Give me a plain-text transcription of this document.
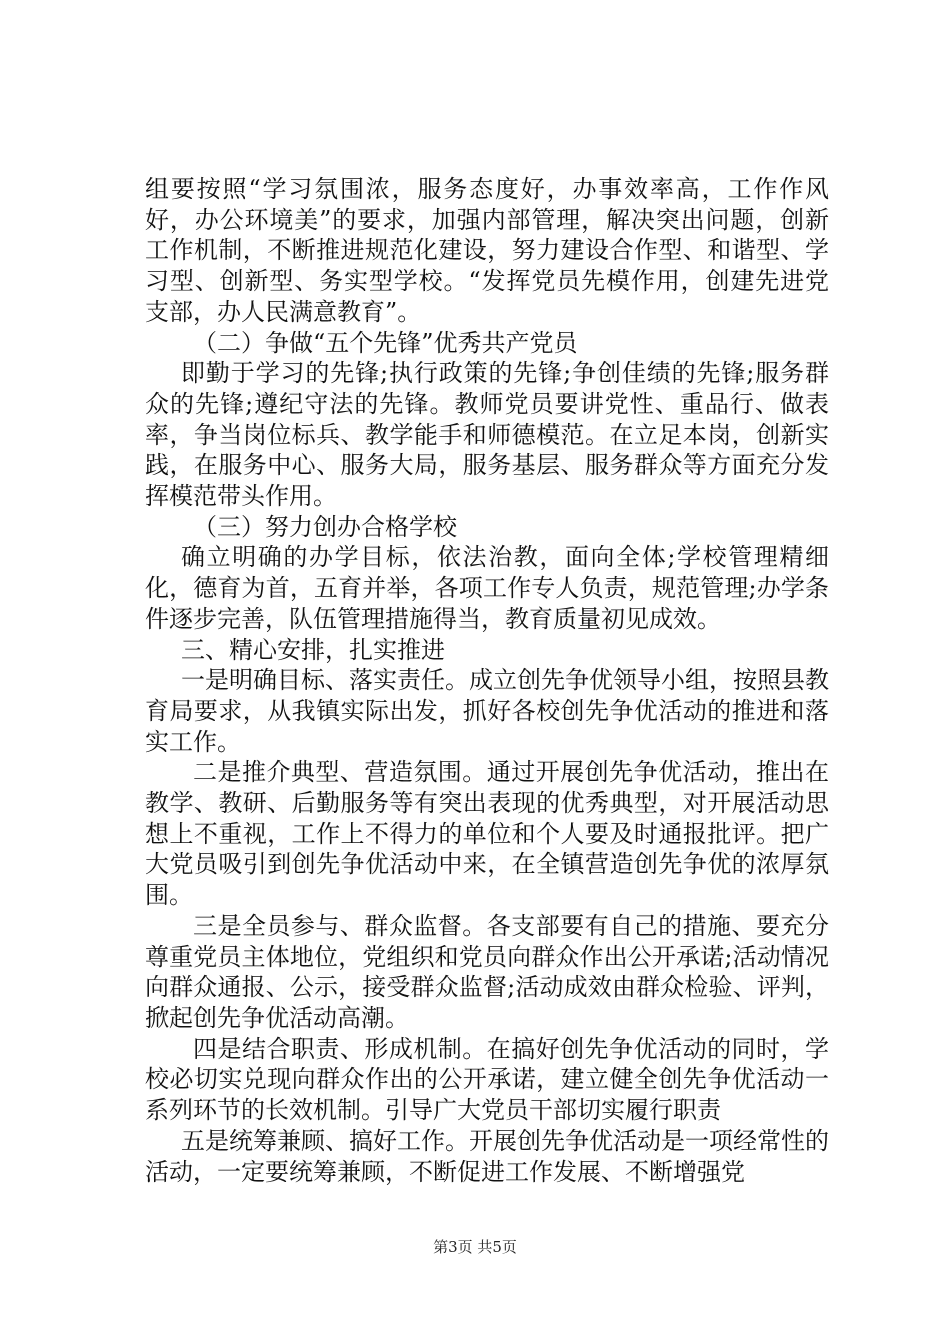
组要按照“学习氛围浓，服务态度好，办事效率高，工作作风好，办公环境美”的要求，加强内部管理，解决突出问题，创新工作机制，不断推进规范化建设，努力建设合作型、和谐型、学习型、创新型、务实型学校。“发挥党员先模作用，创建先进党支部，办人民满意教育”。

（二）争做“五个先锋”优秀共产党员

即勤于学习的先锋;执行政策的先锋;争创佳绩的先锋;服务群众的先锋;遵纪守法的先锋。教师党员要讲党性、重品行、做表率，争当岗位标兵、教学能手和师德模范。在立足本岗，创新实践，在服务中心、服务大局，服务基层、服务群众等方面充分发挥模范带头作用。

（三）努力创办合格学校

确立明确的办学目标，依法治教，面向全体;学校管理精细化，德育为首，五育并举，各项工作专人负责，规范管理;办学条件逐步完善，队伍管理措施得当，教育质量初见成效。

三、精心安排，扎实推进

一是明确目标、落实责任。成立创先争优领导小组，按照县教育局要求，从我镇实际出发，抓好各校创先争优活动的推进和落实工作。

二是推介典型、营造氛围。通过开展创先争优活动，推出在教学、教研、后勤服务等有突出表现的优秀典型，对开展活动思想上不重视，工作上不得力的单位和个人要及时通报批评。把广大党员吸引到创先争优活动中来，在全镇营造创先争优的浓厚氛围。

三是全员参与、群众监督。各支部要有自己的措施、要充分尊重党员主体地位，党组织和党员向群众作出公开承诺;活动情况向群众通报、公示，接受群众监督;活动成效由群众检验、评判，掀起创先争优活动高潮。

四是结合职责、形成机制。在搞好创先争优活动的同时，学校必切实兑现向群众作出的公开承诺，建立健全创先争优活动一系列环节的长效机制。引导广大党员干部切实履行职责

五是统筹兼顾、搞好工作。开展创先争优活动是一项经常性的活动，一定要统筹兼顾，不断促进工作发展、不断增强党

第3页 共5页
